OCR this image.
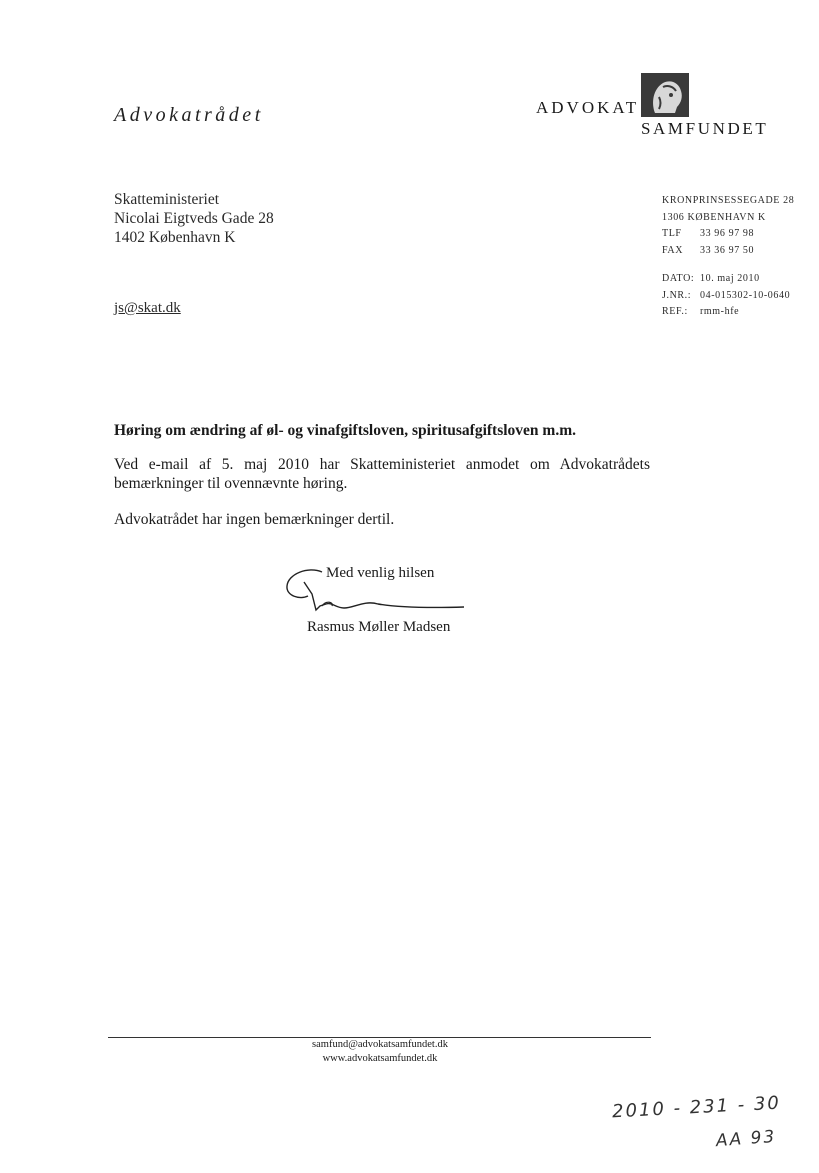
Advokatrådet	ADVOKAT
SAMFUNDET
Skatteministeriet
Nicolai Eigtveds Gade 28
1402 København K
js@skat.dk
KRONPRINSESSEGADE 28
1306 KØBENHAVN K
TLF 33 96 97 98
FAX 33 36 97 50
DATO: 10. maj 2010
J.NR.: 04-015302-10-0640
REF.: rmm-hfe
Høring om ændring af øl- og vinafgiftsloven, spiritusafgiftsloven m.m.
Ved e-mail af 5. maj 2010 har Skatteministeriet anmodet om Advokatrådets bemærkninger til ovennævnte høring.
Advokatrådet har ingen bemærkninger dertil.
Med venlig hilsen
Rasmus Møller Madsen
samfund@advokatsamfundet.dk
www.advokatsamfundet.dk
2010 - 231 - 30
AA 93
